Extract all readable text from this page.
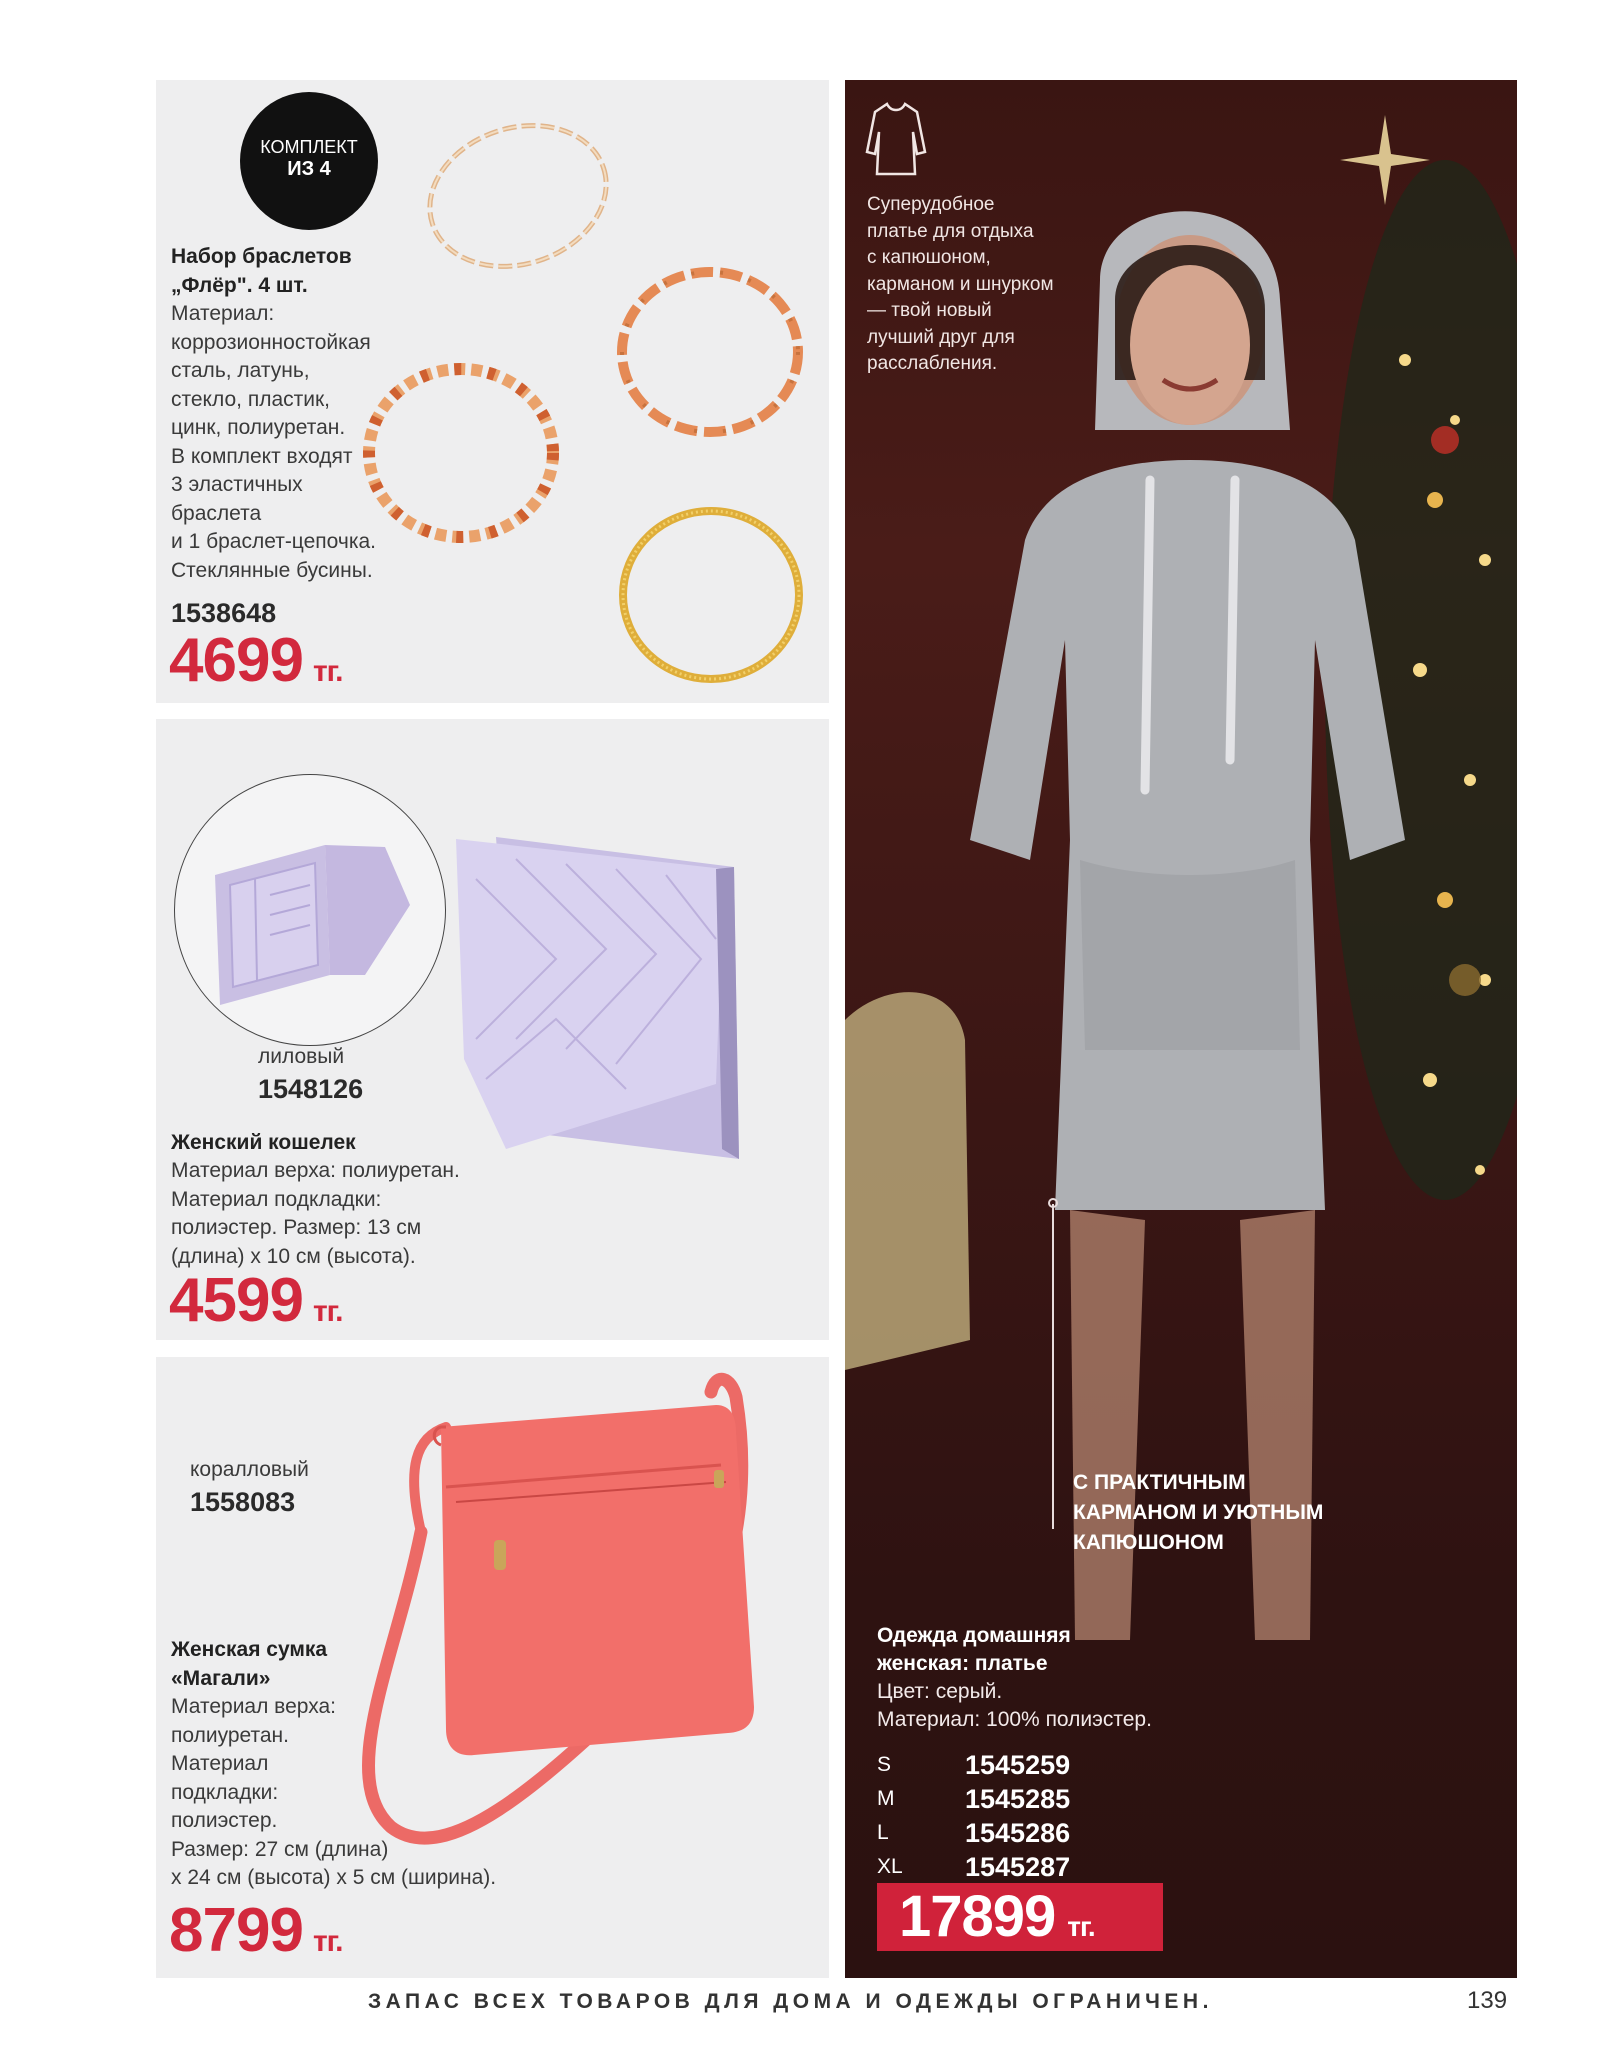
КОМПЛЕКТ
ИЗ 4
Набор браслетов
„Флёр". 4 шт.
Материал:
коррозионностойкая
сталь, латунь,
стекло, пластик,
цинк, полиуретан.
В комплект входят
3 эластичных
браслета
и 1 браслет-цепочка.
Стеклянные бусины.
1538648
4699 тг.
лиловый
1548126
Женский кошелек
Материал верха: полиуретан.
Материал подкладки:
полиэстер. Размер: 13 см
(длина) х 10 см (высота).
4599 тг.
коралловый
1558083
Женская сумка
«Магали»
Материал верха:
полиуретан.
Материал
подкладки:
полиэстер.
Размер: 27 см (длина)
х 24 см (высота) х 5 см (ширина).
8799 тг.
Суперудобное
платье для отдыха
с капюшоном,
карманом и шнурком
— твой новый
лучший друг для
расслабления.
С ПРАКТИЧНЫМ
КАРМАНОМ И УЮТНЫМ
КАПЮШОНОМ
Одежда домашняя
женская: платье
Цвет: серый.
Материал: 100% полиэстер.
S	1545259
M	1545285
L	1545286
XL	1545287
17899 тг.
ЗАПАС ВСЕХ ТОВАРОВ ДЛЯ ДОМА И ОДЕЖДЫ ОГРАНИЧЕН.	139
